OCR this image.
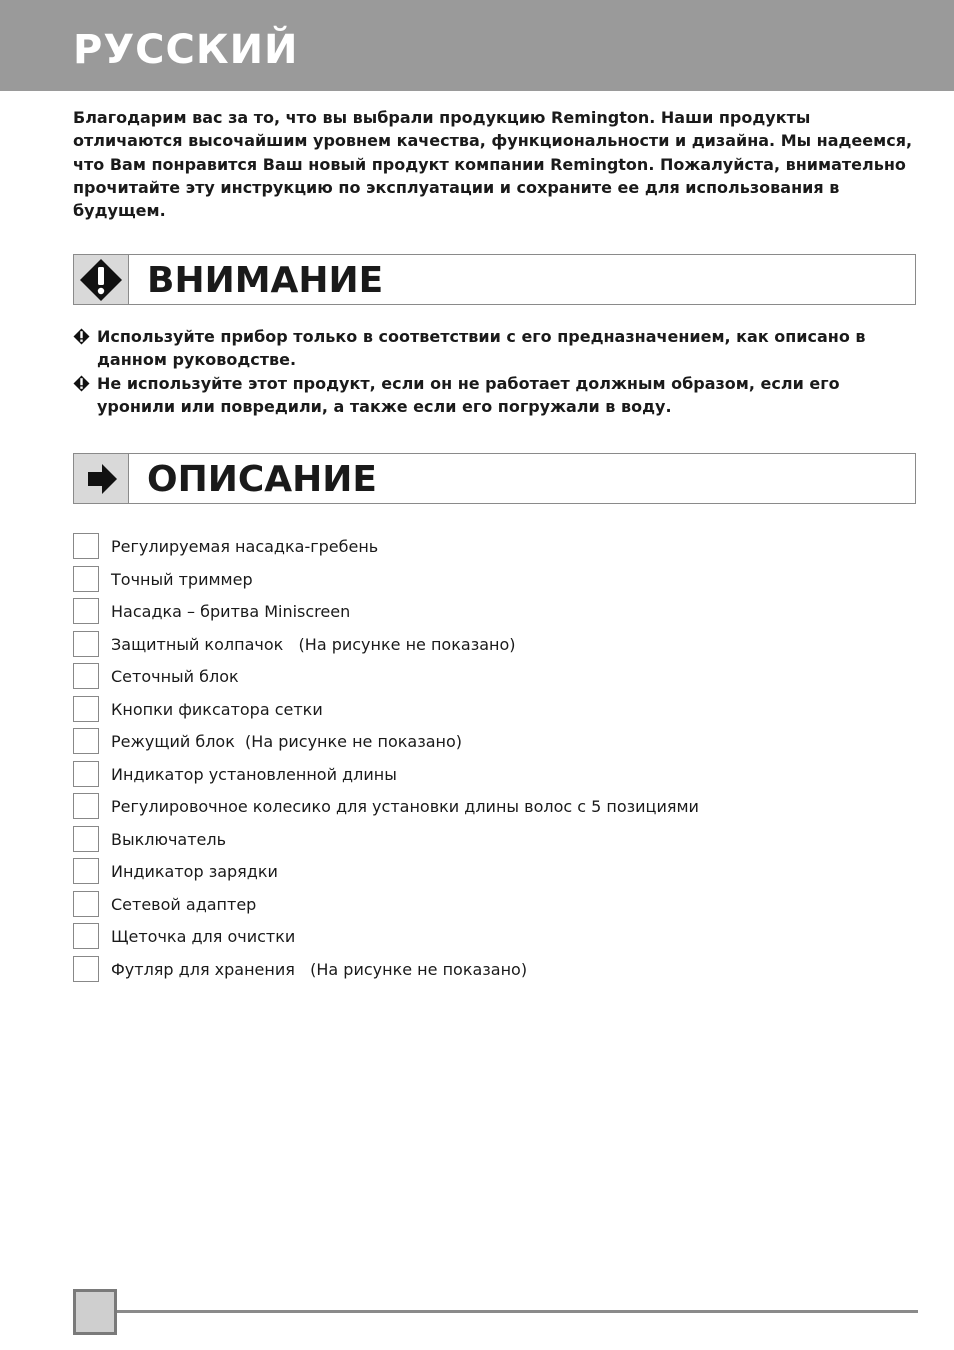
РУССКИЙ

Благодарим вас за то, что вы выбрали продукцию Remington. Наши продукты отличаются высочайшим уровнем качества, функциональности и дизайна. Мы надеемся, что Вам понравится Ваш новый продукт компании Remington. Пожалуйста, внимательно прочитайте эту инструкцию по эксплуатации и сохраните ее для использования в будущем.

ВНИМАНИЕ
Используйте прибор только в соответствии с его предназначением, как описано в данном руководстве.
Не используйте этот продукт, если он не работает должным образом, если его уронили или повредили, а также если его погружали в воду.
ОПИСАНИЕ
Регулируемая насадка-гребень
Точный триммер
Насадка – бритва Miniscreen
Защитный колпачок   (На рисунке не показано)
Сеточный блок
Кнопки фиксатора сетки
Режущий блок  (На рисунке не показано)
Индикатор установленной длины
Регулировочное колесико для установки длины волос с 5 позициями
Выключатель
Индикатор зарядки
Сетевой адаптер
Щеточка для очистки
Футляр для хранения   (На рисунке не показано)
